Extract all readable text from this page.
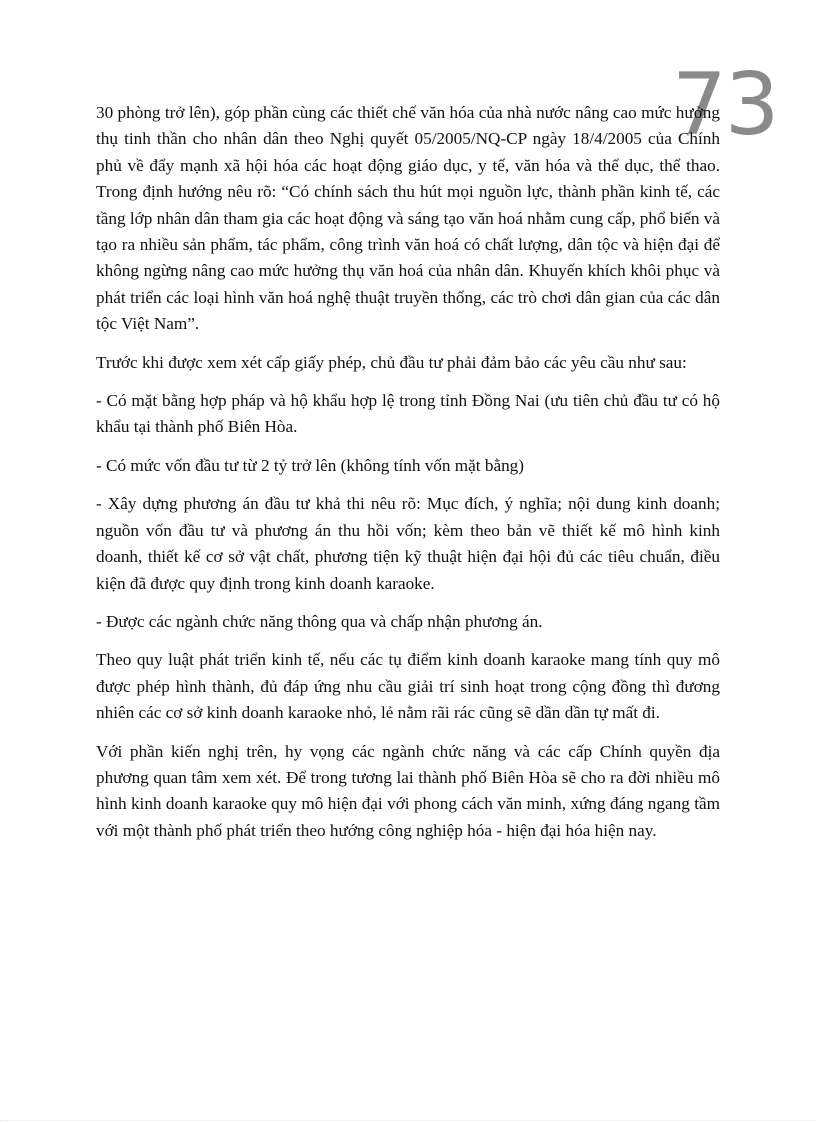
73

30 phòng trở lên), góp phần cùng các thiết chế văn hóa của nhà nước nâng cao mức hưởng thụ tinh thần cho nhân dân theo Nghị quyết 05/2005/NQ-CP ngày 18/4/2005 của Chính phủ về đẩy mạnh xã hội hóa các hoạt động giáo dục, y tế, văn hóa và thể dục, thể thao. Trong định hướng nêu rõ: “Có chính sách thu hút mọi nguồn lực, thành phần kinh tế, các tầng lớp nhân dân tham gia các hoạt động và sáng tạo văn hoá nhằm cung cấp, phổ biến và tạo ra nhiều sản phẩm, tác phẩm, công trình văn hoá có chất lượng, dân tộc và hiện đại để không ngừng nâng cao mức hưởng thụ văn hoá của nhân dân. Khuyến khích khôi phục và phát triển các loại hình văn hoá nghệ thuật truyền thống, các trò chơi dân gian của các dân tộc Việt Nam”.

Trước khi được xem xét cấp giấy phép, chủ đầu tư phải đảm bảo các yêu cầu như sau:

- Có mặt bằng hợp pháp và hộ khẩu hợp lệ trong tỉnh Đồng Nai (ưu tiên chủ đầu tư có hộ khẩu tại thành phố Biên Hòa.

- Có mức vốn đầu tư từ 2 tỷ trở lên (không tính vốn mặt bằng)

- Xây dựng phương án đầu tư khả thi nêu rõ: Mục đích, ý nghĩa; nội dung kinh doanh; nguồn vốn đầu tư và phương án thu hồi vốn; kèm theo bản vẽ thiết kế mô hình kinh doanh, thiết kế cơ sở vật chất, phương tiện kỹ thuật hiện đại hội đủ các tiêu chuẩn, điều kiện đã được quy định trong kinh doanh karaoke.

- Được các ngành chức năng thông qua và chấp nhận phương án.

Theo quy luật phát triển kinh tế, nếu các tụ điểm kinh doanh karaoke mang tính quy mô được phép hình thành, đủ đáp ứng nhu cầu giải trí sinh hoạt trong cộng đồng thì đương nhiên các cơ sở kinh doanh karaoke nhỏ, lẻ nằm rãi rác cũng sẽ dần dần tự mất đi.

Với phần kiến nghị trên, hy vọng các ngành chức năng và các cấp Chính quyền địa phương quan tâm xem xét. Để trong tương lai thành phố Biên Hòa sẽ cho ra đời nhiều mô hình kinh doanh karaoke quy mô hiện đại với phong cách văn minh, xứng đáng ngang tầm với một thành phố phát triển theo hướng công nghiệp hóa - hiện đại hóa hiện nay.
